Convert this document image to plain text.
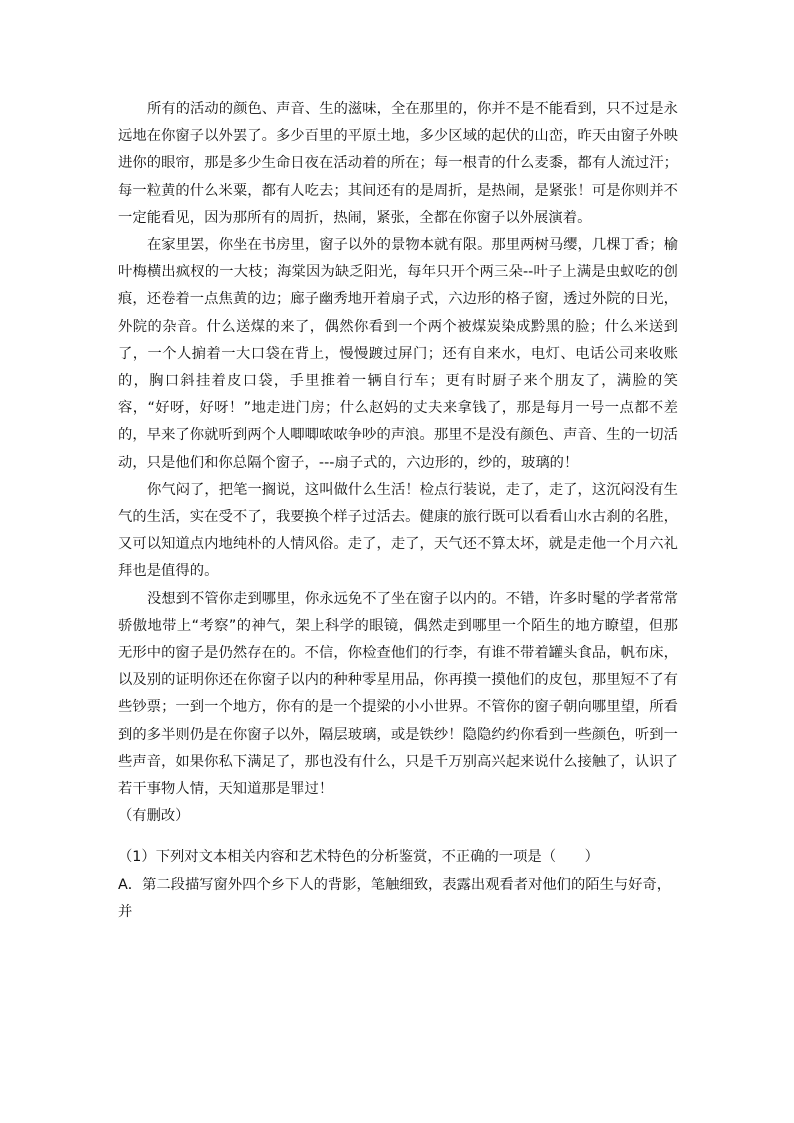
所有的活动的颜色、声音、生的滋味，全在那里的，你并不是不能看到，只不过是永远地在你窗子以外罢了。多少百里的平原土地，多少区域的起伏的山峦，昨天由窗子外映进你的眼帘，那是多少生命日夜在活动着的所在；每一根青的什么麦黍，都有人流过汗；每一粒黄的什么米粟，都有人吃去；其间还有的是周折，是热闹，是紧张！可是你则并不一定能看见，因为那所有的周折，热闹，紧张，全都在你窗子以外展演着。

在家里罢，你坐在书房里，窗子以外的景物本就有限。那里两树马缨，几棵丁香；榆叶梅横出疯杈的一大枝；海棠因为缺乏阳光，每年只开个两三朵--叶子上满是虫蚁吃的创痕，还卷着一点焦黄的边；廊子幽秀地开着扇子式，六边形的格子窗，透过外院的日光，外院的杂音。什么送煤的来了，偶然你看到一个两个被煤炭染成黔黑的脸；什么米送到了，一个人掮着一大口袋在背上，慢慢踱过屏门；还有自来水，电灯、电话公司来收账的，胸口斜挂着皮口袋，手里推着一辆自行车；更有时厨子来个朋友了，满脸的笑容，“好呀，好呀！”地走进门房；什么赵妈的丈夫来拿钱了，那是每月一号一点都不差的，早来了你就听到两个人唧唧哝哝争吵的声浪。那里不是没有颜色、声音、生的一切活动，只是他们和你总隔个窗子，---扇子式的，六边形的，纱的，玻璃的！

你气闷了，把笔一搁说，这叫做什么生活！检点行装说，走了，走了，这沉闷没有生气的生活，实在受不了，我要换个样子过活去。健康的旅行既可以看看山水古刹的名胜，又可以知道点内地纯朴的人情风俗。走了，走了，天气还不算太坏，就是走他一个月六礼拜也是值得的。

没想到不管你走到哪里，你永远免不了坐在窗子以内的。不错，许多时髦的学者常常骄傲地带上“考察”的神气，架上科学的眼镜，偶然走到哪里一个陌生的地方瞭望，但那无形中的窗子是仍然存在的。不信，你检查他们的行李，有谁不带着罐头食品，帆布床，以及别的证明你还在你窗子以内的种种零星用品，你再摸一摸他们的皮包，那里短不了有些钞票；一到一个地方，你有的是一个提梁的小小世界。不管你的窗子朝向哪里望，所看到的多半则仍是在你窗子以外，隔层玻璃，或是铁纱！隐隐约约你看到一些颜色，听到一些声音，如果你私下满足了，那也没有什么，只是千万别高兴起来说什么接触了，认识了若干事物人情，天知道那是罪过！

（有删改）

（1）下列对文本相关内容和艺术特色的分析鉴赏，不正确的一项是（　　）

A．第二段描写窗外四个乡下人的背影，笔触细致，表露出观看者对他们的陌生与好奇，并
